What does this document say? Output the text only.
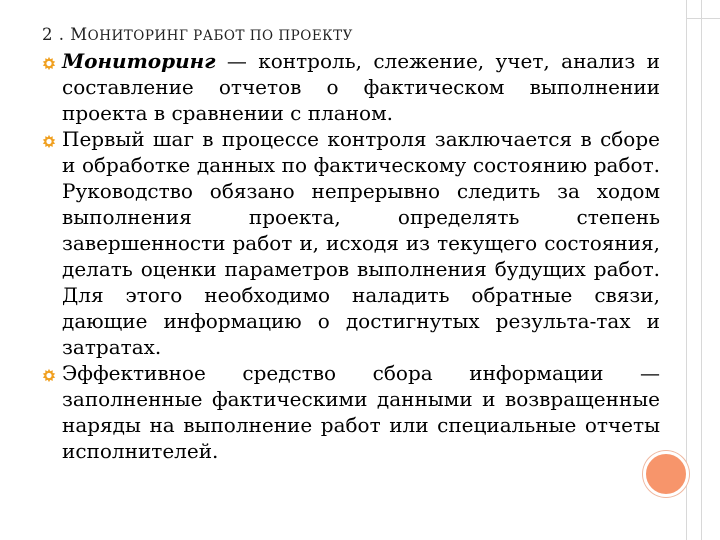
2 . МОНИТОРИНГ РАБОТ ПО ПРОЕКТУ
Мониторинг — контроль, слежение, учет, анализ и составление отчетов о фактическом выполнении проекта в сравнении с планом.
Первый шаг в процессе контроля заключается в сборе и обработке данных по фактическому состоянию работ. Руководство обязано непрерывно следить за ходом выполнения проекта, определять степень завершенности работ и, исходя из текущего состояния, делать оценки параметров выполнения будущих работ. Для этого необходимо наладить обратные связи, дающие информацию о достигнутых результа-тах и затратах.
Эффективное средство сбора информации — заполненные фактическими данными и возвращенные наряды на выполнение работ или специальные отчеты исполнителей.
